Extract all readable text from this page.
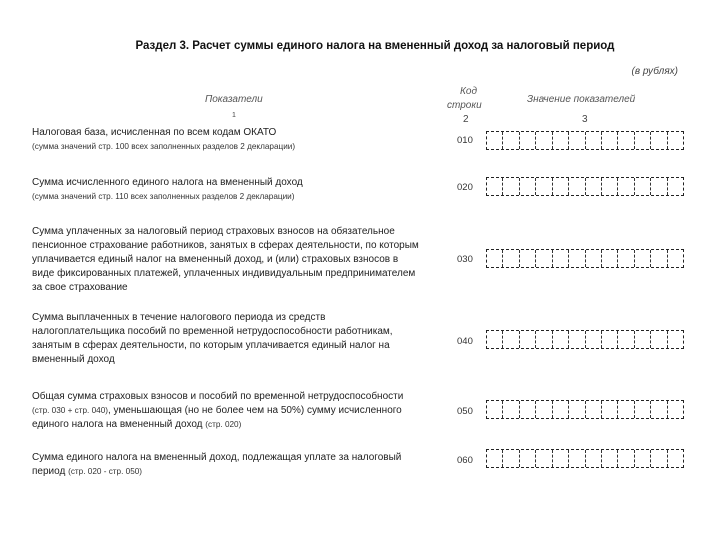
Раздел 3. Расчет суммы единого налога на вмененный доход за налоговый период
(в рублях)
Показатели
Код
строки
Значение показателей
1	2	3
Налоговая база, исчисленная по всем кодам ОКАТО
(сумма значений стр. 100 всех заполненных разделов 2 декларации)
010
Сумма исчисленного единого налога на вмененный доход
(сумма значений стр. 110 всех заполненных разделов 2 декларации)
020
Сумма уплаченных за налоговый период страховых взносов на обязательное
пенсионное страхование работников, занятых в сферах деятельности, по которым
уплачивается единый налог на вмененный доход, и (или) страховых взносов в
виде фиксированных платежей, уплаченных индивидуальным предпринимателем
за свое страхование
030
Сумма выплаченных в течение налогового периода из средств
налогоплательщика пособий по временной нетрудоспособности работникам,
занятым в сферах деятельности, по которым уплачивается единый налог на
вмененный доход
040
Общая сумма страховых взносов и пособий по временной нетрудоспособности
(стр. 030 + стр. 040), уменьшающая (но не более чем на 50%) сумму исчисленного
единого налога на вмененный доход (стр. 020)
050
Сумма единого налога на вмененный доход, подлежащая уплате за налоговый
период (стр. 020 - стр. 050)
060
